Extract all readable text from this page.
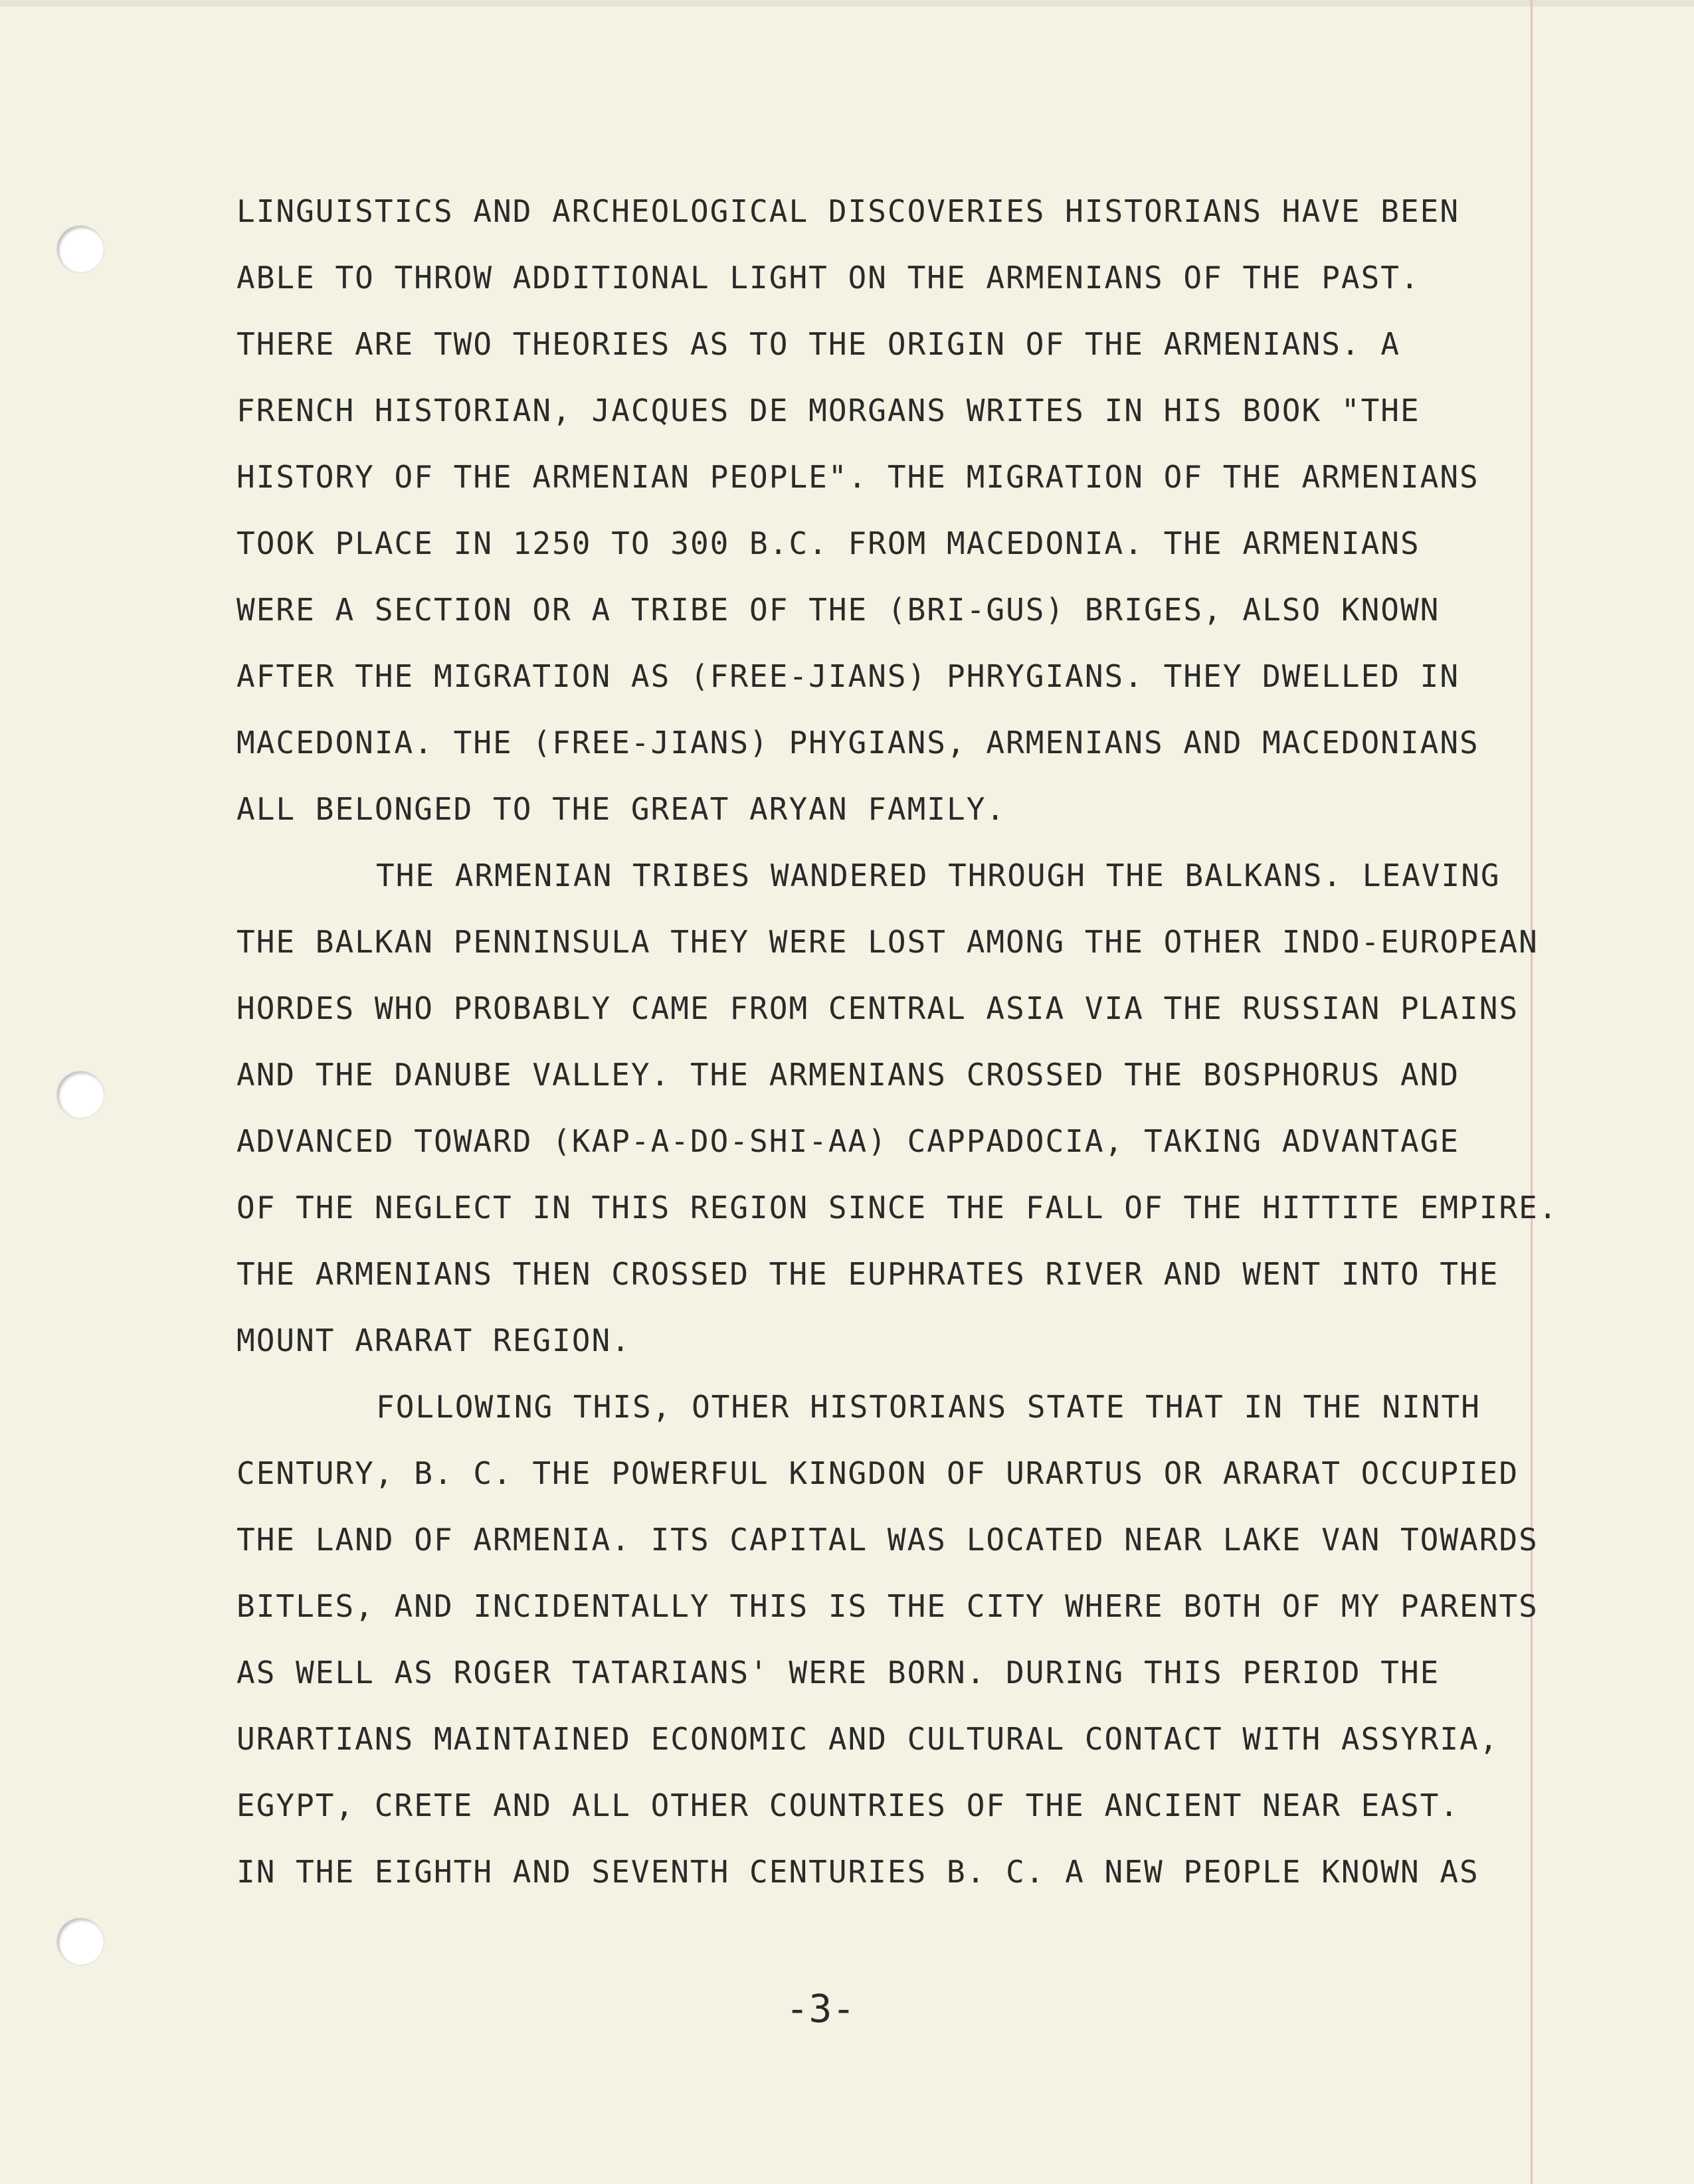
LINGUISTICS AND ARCHEOLOGICAL DISCOVERIES HISTORIANS HAVE BEEN
ABLE TO THROW ADDITIONAL LIGHT ON THE ARMENIANS OF THE PAST.
THERE ARE TWO THEORIES AS TO THE ORIGIN OF THE ARMENIANS. A
FRENCH HISTORIAN, JACQUES DE MORGANS WRITES IN HIS BOOK "THE
HISTORY OF THE ARMENIAN PEOPLE". THE MIGRATION OF THE ARMENIANS
TOOK PLACE IN 1250 TO 300 B.C. FROM MACEDONIA. THE ARMENIANS
WERE A SECTION OR A TRIBE OF THE (BRI-GUS) BRIGES, ALSO KNOWN
AFTER THE MIGRATION AS (FREE-JIANS) PHRYGIANS. THEY DWELLED IN
MACEDONIA. THE (FREE-JIANS) PHYGIANS, ARMENIANS AND MACEDONIANS
ALL BELONGED TO THE GREAT ARYAN FAMILY.
THE ARMENIAN TRIBES WANDERED THROUGH THE BALKANS. LEAVING
THE BALKAN PENNINSULA THEY WERE LOST AMONG THE OTHER INDO-EUROPEAN
HORDES WHO PROBABLY CAME FROM CENTRAL ASIA VIA THE RUSSIAN PLAINS
AND THE DANUBE VALLEY. THE ARMENIANS CROSSED THE BOSPHORUS AND
ADVANCED TOWARD (KAP-A-DO-SHI-AA) CAPPADOCIA, TAKING ADVANTAGE
OF THE NEGLECT IN THIS REGION SINCE THE FALL OF THE HITTITE EMPIRE.
THE ARMENIANS THEN CROSSED THE EUPHRATES RIVER AND WENT INTO THE
MOUNT ARARAT REGION.
FOLLOWING THIS, OTHER HISTORIANS STATE THAT IN THE NINTH
CENTURY, B. C. THE POWERFUL KINGDON OF URARTUS OR ARARAT OCCUPIED
THE LAND OF ARMENIA. ITS CAPITAL WAS LOCATED NEAR LAKE VAN TOWARDS
BITLES, AND INCIDENTALLY THIS IS THE CITY WHERE BOTH OF MY PARENTS
AS WELL AS ROGER TATARIANS' WERE BORN. DURING THIS PERIOD THE
URARTIANS MAINTAINED ECONOMIC AND CULTURAL CONTACT WITH ASSYRIA,
EGYPT, CRETE AND ALL OTHER COUNTRIES OF THE ANCIENT NEAR EAST.
IN THE EIGHTH AND SEVENTH CENTURIES B. C. A NEW PEOPLE KNOWN AS
-3-
